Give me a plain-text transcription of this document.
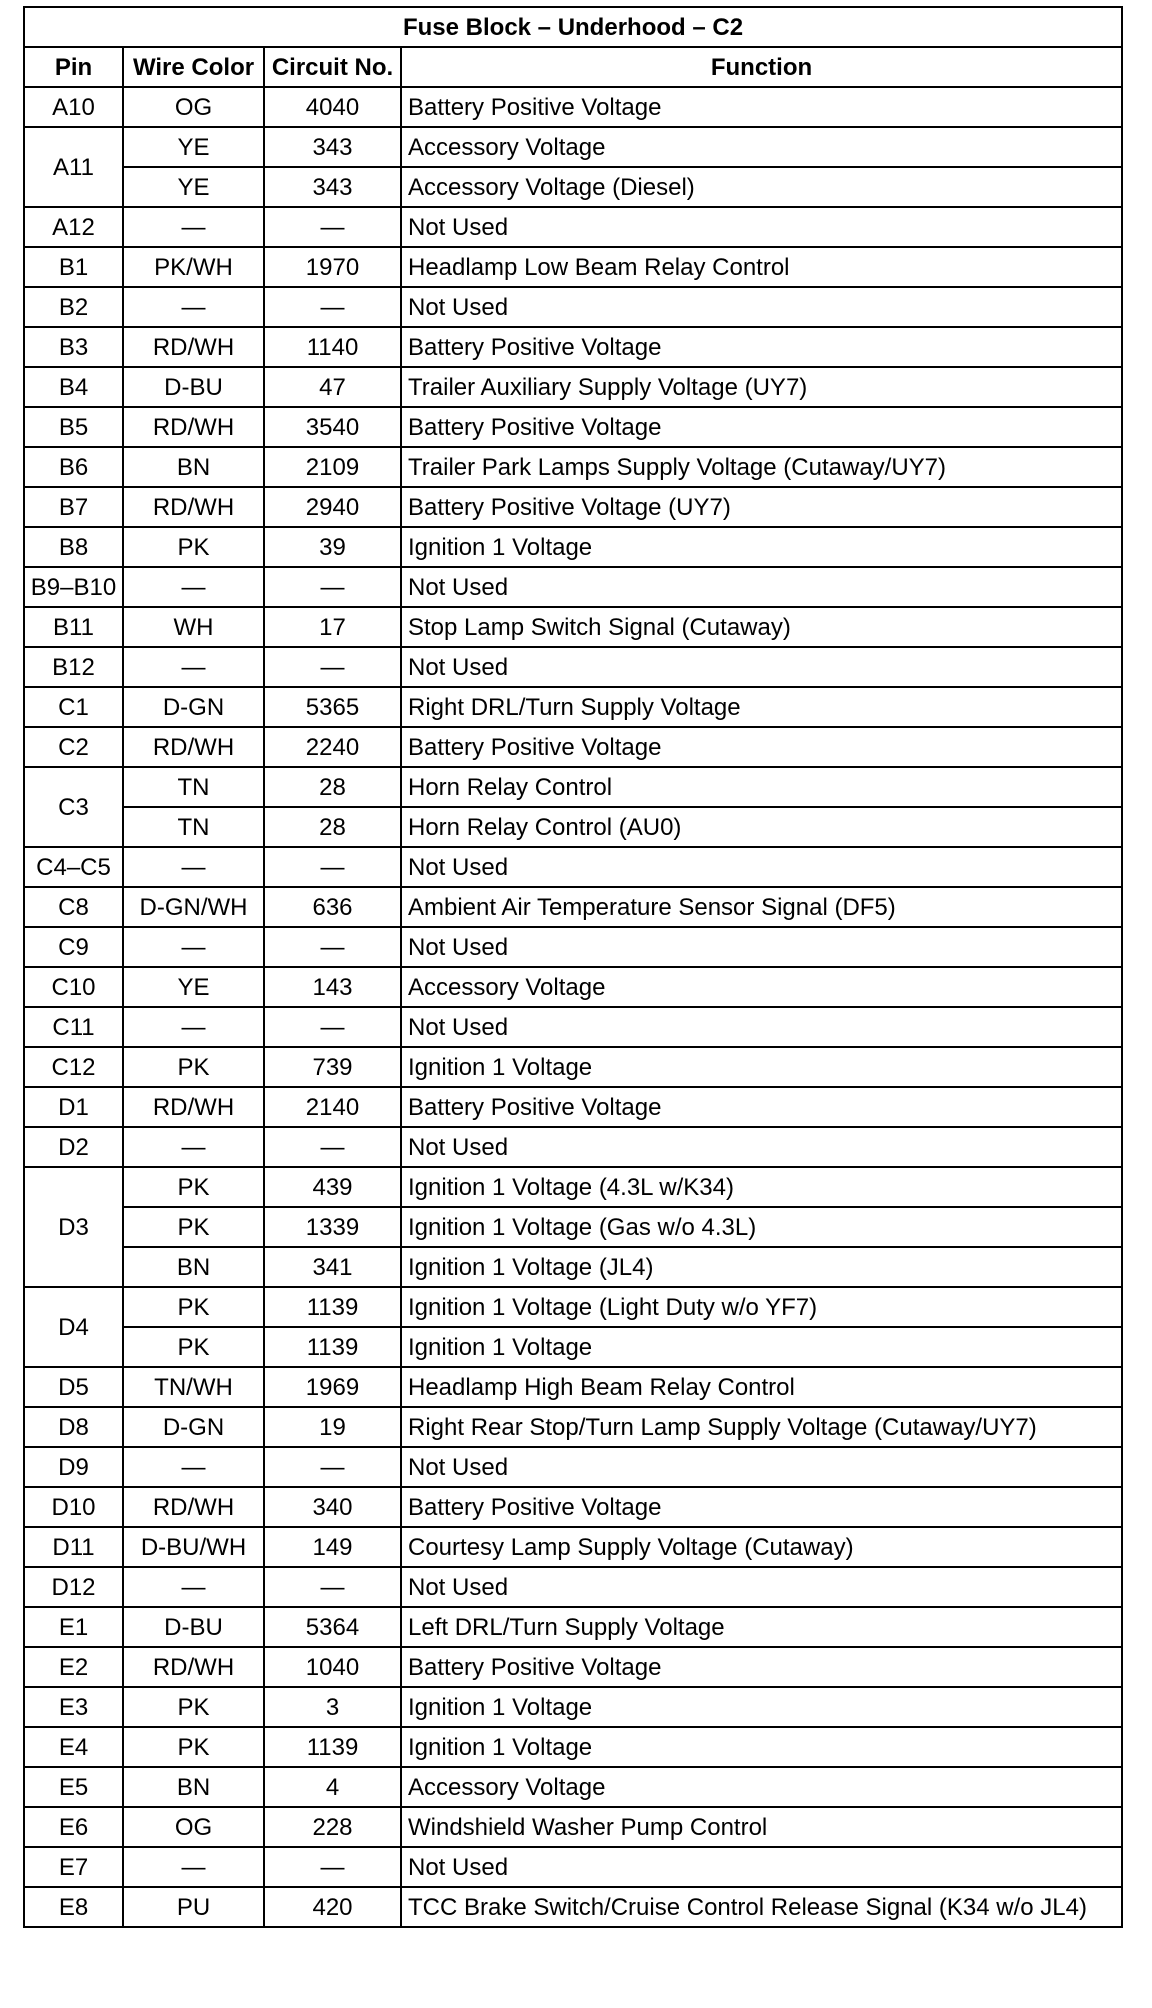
Fuse Block – Underhood – C2			
Pin	Wire Color	Circuit No.	Function
A10	OG	4040	Battery Positive Voltage
A11	YE	343	Accessory Voltage
	YE	343	Accessory Voltage (Diesel)
A12	—	—	Not Used
B1	PK/WH	1970	Headlamp Low Beam Relay Control
B2	—	—	Not Used
B3	RD/WH	1140	Battery Positive Voltage
B4	D-BU	47	Trailer Auxiliary Supply Voltage (UY7)
B5	RD/WH	3540	Battery Positive Voltage
B6	BN	2109	Trailer Park Lamps Supply Voltage (Cutaway/UY7)
B7	RD/WH	2940	Battery Positive Voltage (UY7)
B8	PK	39	Ignition 1 Voltage
B9–B10	—	—	Not Used
B11	WH	17	Stop Lamp Switch Signal (Cutaway)
B12	—	—	Not Used
C1	D-GN	5365	Right DRL/Turn Supply Voltage
C2	RD/WH	2240	Battery Positive Voltage
C3	TN	28	Horn Relay Control
	TN	28	Horn Relay Control (AU0)
C4–C5	—	—	Not Used
C8	D-GN/WH	636	Ambient Air Temperature Sensor Signal (DF5)
C9	—	—	Not Used
C10	YE	143	Accessory Voltage
C11	—	—	Not Used
C12	PK	739	Ignition 1 Voltage
D1	RD/WH	2140	Battery Positive Voltage
D2	—	—	Not Used
D3	PK	439	Ignition 1 Voltage (4.3L w/K34)
	PK	1339	Ignition 1 Voltage (Gas w/o 4.3L)
	BN	341	Ignition 1 Voltage (JL4)
D4	PK	1139	Ignition 1 Voltage (Light Duty w/o YF7)
	PK	1139	Ignition 1 Voltage
D5	TN/WH	1969	Headlamp High Beam Relay Control
D8	D-GN	19	Right Rear Stop/Turn Lamp Supply Voltage (Cutaway/UY7)
D9	—	—	Not Used
D10	RD/WH	340	Battery Positive Voltage
D11	D-BU/WH	149	Courtesy Lamp Supply Voltage (Cutaway)
D12	—	—	Not Used
E1	D-BU	5364	Left DRL/Turn Supply Voltage
E2	RD/WH	1040	Battery Positive Voltage
E3	PK	3	Ignition 1 Voltage
E4	PK	1139	Ignition 1 Voltage
E5	BN	4	Accessory Voltage
E6	OG	228	Windshield Washer Pump Control
E7	—	—	Not Used
E8	PU	420	TCC Brake Switch/Cruise Control Release Signal (K34 w/o JL4)
